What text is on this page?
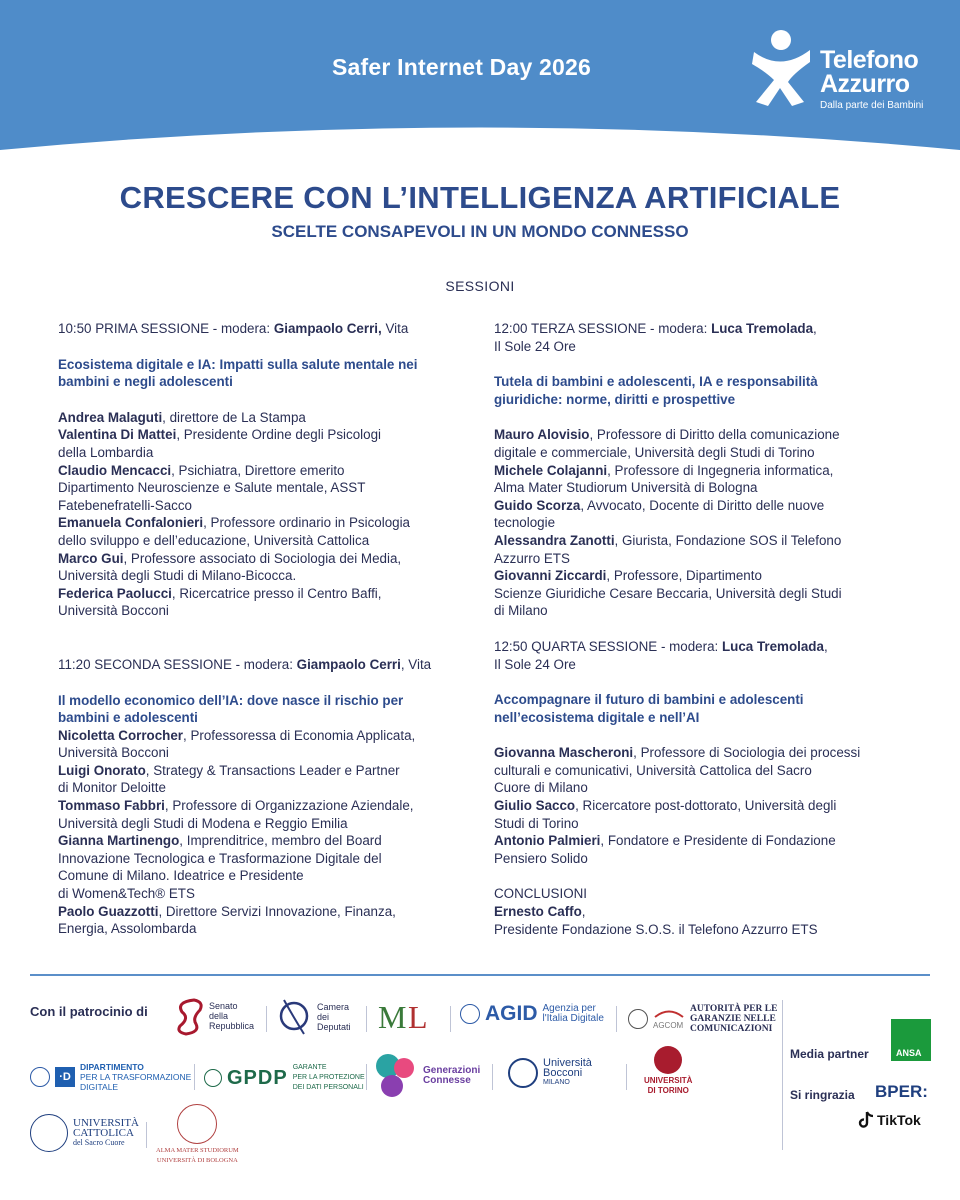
Safer Internet Day 2026	Telefono
Azzurro
Dalla parte dei Bambini
CRESCERE CON L’INTELLIGENZA ARTIFICIALE
SCELTE CONSAPEVOLI IN UN MONDO CONNESSO
SESSIONI
10:50 PRIMA SESSIONE - modera: Giampaolo Cerri, Vita
Ecosistema digitale e IA: Impatti sulla salute mentale nei
bambini e negli adolescenti
Andrea Malaguti, direttore de La Stampa
Valentina Di Mattei, Presidente Ordine degli Psicologi
della Lombardia
Claudio Mencacci, Psichiatra, Direttore emerito
Dipartimento Neuroscienze e Salute mentale, ASST
Fatebenefratelli-Sacco
Emanuela Confalonieri, Professore ordinario in Psicologia
dello sviluppo e dell’educazione, Università Cattolica
Marco Gui, Professore associato di Sociologia dei Media,
Università degli Studi di Milano-Bicocca.
Federica Paolucci, Ricercatrice presso il Centro Baffi,
Università Bocconi
11:20 SECONDA SESSIONE - modera: Giampaolo Cerri, Vita
Il modello economico dell’IA: dove nasce il rischio per
bambini e adolescenti
Nicoletta Corrocher, Professoressa di Economia Applicata,
Università Bocconi
Luigi Onorato, Strategy & Transactions Leader e Partner
di Monitor Deloitte
Tommaso Fabbri, Professore di Organizzazione Aziendale,
Università degli Studi di Modena e Reggio Emilia
Gianna Martinengo, Imprenditrice, membro del Board
Innovazione Tecnologica e Trasformazione Digitale del
Comune di Milano. Ideatrice e Presidente
di Women&Tech® ETS
Paolo Guazzotti, Direttore Servizi Innovazione, Finanza,
Energia, Assolombarda
12:00 TERZA SESSIONE - modera: Luca Tremolada,
Il Sole 24 Ore
Tutela di bambini e adolescenti, IA e responsabilità
giuridiche: norme, diritti e prospettive
Mauro Alovisio, Professore di Diritto della comunicazione
digitale e commerciale, Università degli Studi di Torino
Michele Colajanni, Professore di Ingegneria informatica,
Alma Mater Studiorum Università di Bologna
Guido Scorza, Avvocato, Docente di Diritto delle nuove
tecnologie
Alessandra Zanotti, Giurista, Fondazione SOS il Telefono
Azzurro ETS
Giovanni Ziccardi, Professore, Dipartimento
Scienze Giuridiche Cesare Beccaria, Università degli Studi
di Milano
12:50 QUARTA SESSIONE - modera: Luca Tremolada,
Il Sole 24 Ore
Accompagnare il futuro di bambini e adolescenti
nell’ecosistema digitale e nell’AI
Giovanna Mascheroni, Professore di Sociologia dei processi
culturali e comunicativi, Università Cattolica del Sacro
Cuore di Milano
Giulio Sacco, Ricercatore post-dottorato, Università degli
Studi di Torino
Antonio Palmieri, Fondatore e Presidente di Fondazione
Pensiero Solido
CONCLUSIONI
Ernesto Caffo,
Presidente Fondazione S.O.S. il Telefono Azzurro ETS
Con il patrocinio di	Senato
della
Repubblica
Camera
dei
Deputati M L	AGID Agenzia per
l'Italia Digitale
AGCOM
AUTORITÀ PER LE
GARANZIE NELLE
COMUNICAZIONI
·D
DIPARTIMENTO
PER LA TRASFORMAZIONE
DIGITALE	GPDP GARANTE
PER LA PROTEZIONE
DEI DATI PERSONALI
Generazioni
Connesse
Università
Bocconi
MILANO	UNIVERSITÀ
DI TORINO
UNIVERSITÀ
CATTOLICA
del Sacro Cuore
ALMA MATER STUDIORUM
UNIVERSITÀ DI BOLOGNA
Media partner	ANSA
Si ringrazia BPER:
TikTok
